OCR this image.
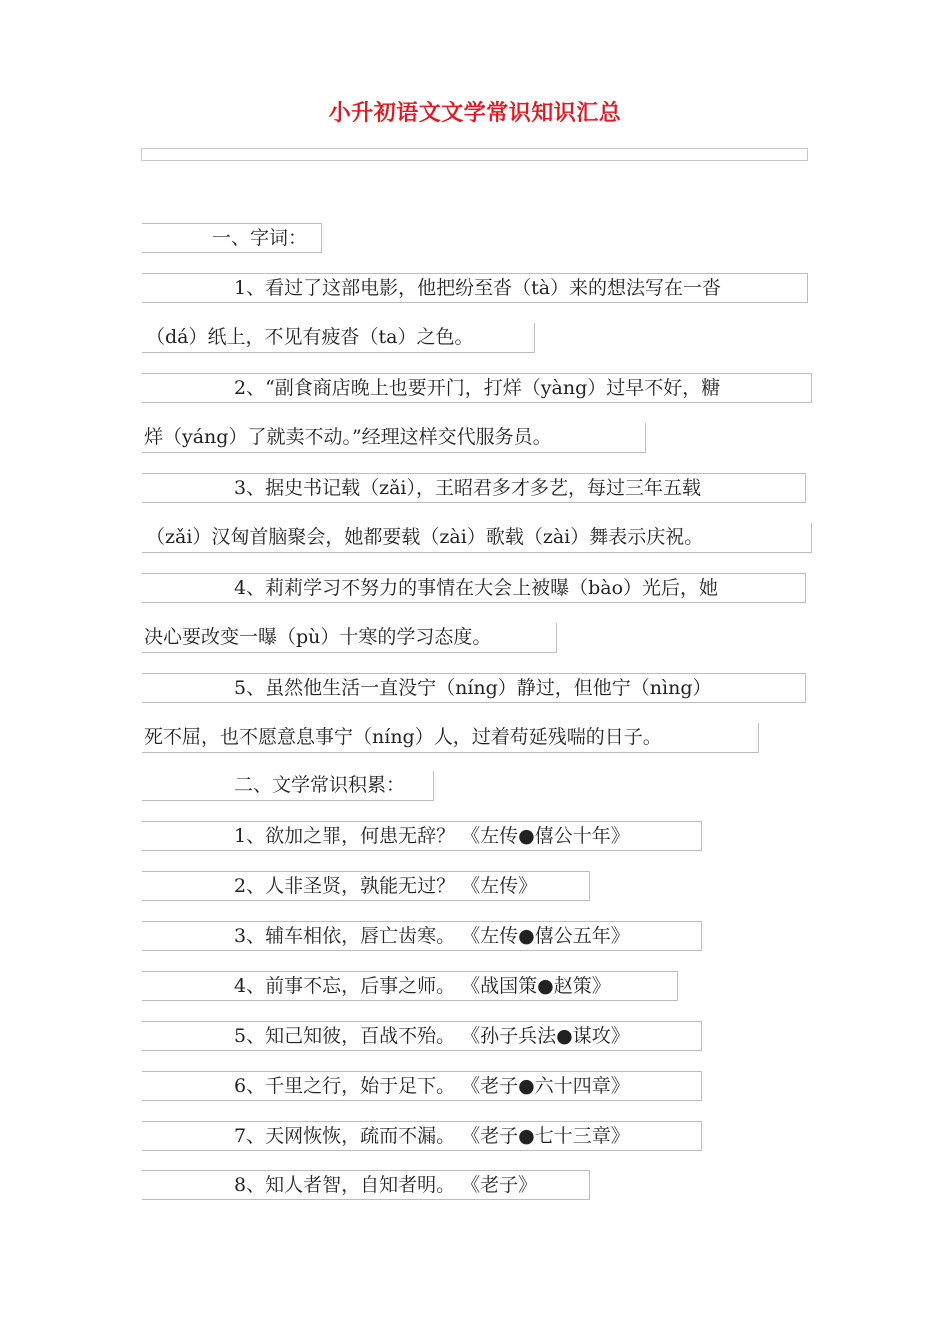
小升初语文文学常识知识汇总
一、字词：
1、看过了这部电影，他把纷至沓（tà）来的想法写在一沓
（dá）纸上，不见有疲沓（ta）之色。
2、“副食商店晚上也要开门，打烊（yàng）过早不好，糖
烊（yáng）了就卖不动。”经理这样交代服务员。
3、据史书记载（zǎi），王昭君多才多艺，每过三年五载
（zǎi）汉匈首脑聚会，她都要载（zài）歌载（zài）舞表示庆祝。
4、莉莉学习不努力的事情在大会上被曝（bào）光后，她
决心要改变一曝（pù）十寒的学习态度。
5、虽然他生活一直没宁（níng）静过，但他宁（nìng）
死不屈，也不愿意息事宁（níng）人，过着苟延残喘的日子。
二、文学常识积累：
1、欲加之罪，何患无辞？ 《左传●僖公十年》
2、人非圣贤，孰能无过？ 《左传》
3、辅车相依，唇亡齿寒。 《左传●僖公五年》
4、前事不忘，后事之师。 《战国策●赵策》
5、知己知彼，百战不殆。 《孙子兵法●谋攻》
6、千里之行，始于足下。 《老子●六十四章》
7、天网恢恢，疏而不漏。 《老子●七十三章》
8、知人者智，自知者明。 《老子》
